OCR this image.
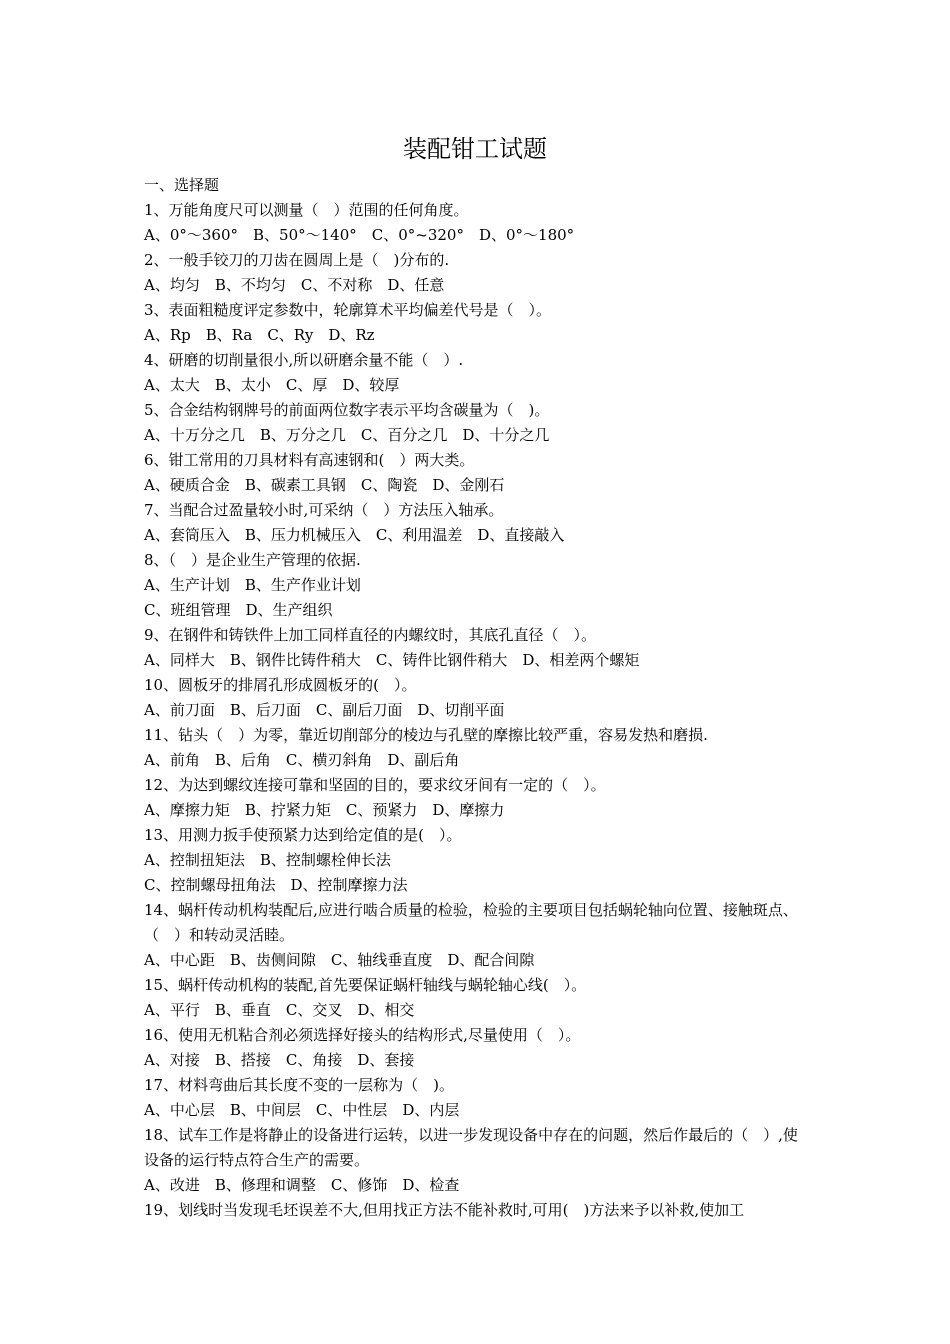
装配钳工试题
一、选择题
1、万能角度尺可以测量（　）范围的任何角度。
A、0°～360°　B、50°～140°　C、0°~320°　D、0°～180°
2、一般手铰刀的刀齿在圆周上是（　)分布的.
A、均匀　B、不均匀　C、不对称　D、任意
3、表面粗糙度评定参数中，轮廓算术平均偏差代号是（　）。
A、Rp　B、Ra　C、Ry　D、Rz
4、研磨的切削量很小,所以研磨余量不能（　）.
A、太大　B、太小　C、厚　D、较厚
5、合金结构钢牌号的前面两位数字表示平均含碳量为（　)。
A、十万分之几　B、万分之几　C、百分之几　D、十分之几
6、钳工常用的刀具材料有高速钢和(　）两大类。
A、硬质合金　B、碳素工具钢　C、陶瓷　D、金刚石
7、当配合过盈量较小时,可采纳（　）方法压入轴承。
A、套筒压入　B、压力机械压入　C、利用温差　D、直接敲入
8、（　）是企业生产管理的依据.
A、生产计划　B、生产作业计划
C、班组管理　D、生产组织
9、在钢件和铸铁件上加工同样直径的内螺纹时，其底孔直径（　）。
A、同样大　B、钢件比铸件稍大　C、铸件比钢件稍大　D、相差两个螺矩
10、圆板牙的排屑孔形成圆板牙的(　）。
A、前刀面　B、后刀面　C、副后刀面　D、切削平面
11、钻头（　）为零，靠近切削部分的棱边与孔壁的摩擦比较严重，容易发热和磨损.
A、前角　B、后角　C、横刃斜角　D、副后角
12、为达到螺纹连接可靠和坚固的目的，要求纹牙间有一定的（　）。
A、摩擦力矩　B、拧紧力矩　C、预紧力　D、摩擦力
13、用测力扳手使预紧力达到给定值的是(　）。
A、控制扭矩法　B、控制螺栓伸长法
C、控制螺母扭角法　D、控制摩擦力法
14、蜗杆传动机构装配后,应进行啮合质量的检验，检验的主要项目包括蜗轮轴向位置、接触斑点、（　）和转动灵活睦。
A、中心距　B、齿侧间隙　C、轴线垂直度　D、配合间隙
15、蜗杆传动机构的装配,首先要保证蜗杆轴线与蜗轮轴心线(　）。
A、平行　B、垂直　C、交叉　D、相交
16、使用无机粘合剂必须选择好接头的结构形式,尽量使用（　）。
A、对接　B、搭接　C、角接　D、套接
17、材料弯曲后其长度不变的一层称为（　)。
A、中心层　B、中间层　C、中性层　D、内层
18、试车工作是将静止的设备进行运转，以进一步发现设备中存在的问题，然后作最后的（　）,使设备的运行特点符合生产的需要。
A、改进　B、修理和调整　C、修饰　D、检查
19、划线时当发现毛坯误差不大,但用找正方法不能补救时,可用(　)方法来予以补救,使加工
